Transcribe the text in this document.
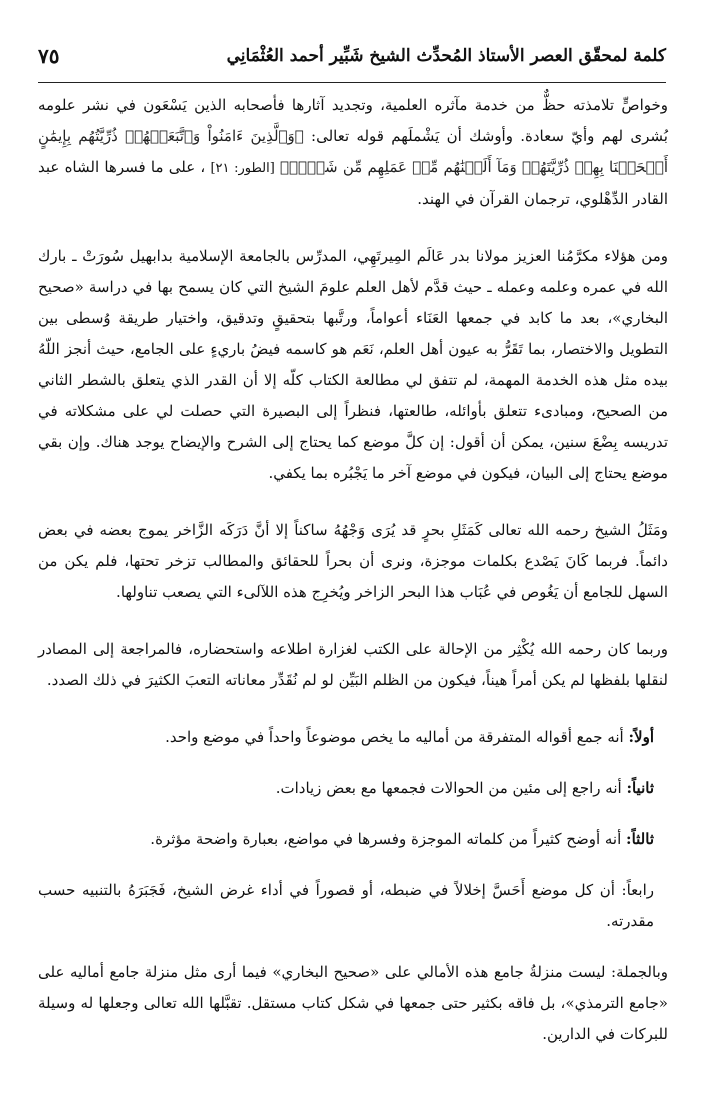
٧٥	كلمة لمحقّق العصر الأستاذ المُحدِّث الشيخ شَبِّير أحمد العُثْمَانِي

وخواصٍّ تلامذته حظٌّ من خدمة مآثره العلمية، وتجديد آثارها فأصحابه الذين يَسْعَون في نشر علومه بُشرى لهم وأيّ سعادة. وأوشك أن يَشْملَهم قوله تعالى: ﴿وَٱلَّذِينَ ءَامَنُواْ وَٱتَّبَعَتۡهُمۡ ذُرِّيَّتُهُم بِإِيمَٰنٍ أَلۡحَقۡنَا بِهِمۡ ذُرِّيَّتَهُمۡ وَمَآ أَلَتۡنَٰهُم مِّنۡ عَمَلِهِم مِّن شَيۡءٖ﴾ [الطور: ٢١] ، على ما فسرها الشاه عبد القادر الدِّهْلوي، ترجمان القرآن في الهند.

ومن هؤلاء مكرَّمُنا العزيز مولانا بدر عَالَم المِيرتَهِي، المدرِّس بالجامعة الإسلامية بدابهيل سُورَتْ ـ بارك الله في عمره وعلمه وعمله ـ حيث قدَّم لأهل العلم علومَ الشيخ التي كان يسمح بها في دراسة «صحيح البخاري»، بعد ما كابد في جمعها العَنَاء أعواماً، ورتَّبها بتحقيقٍ وتدقيق، واختيار طريقة وُسطى بين التطويل والاختصار، بما تَقَرُّ به عيون أهل العلم، نَعَم هو كاسمه فيضُ باريءٍ على الجامع، حيث أنجز اللّهُ بيده مثل هذه الخدمة المهمة، لم تتفق لي مطالعة الكتاب كلّه إلا أن القدر الذي يتعلق بالشطر الثاني من الصحيح، ومبادىء تتعلق بأوائله، طالعتها، فنظراً إلى البصيرة التي حصلت لي على مشكلاته في تدريسه بِضْعَ سنين، يمكن أن أقول: إن كلَّ موضع كما يحتاج إلى الشرح والإيضاح يوجد هناك. وإن بقي موضع يحتاج إلى البيان، فيكون في موضع آخر ما يَجْبُره بما يكفي.

ومَثَلُ الشيخ رحمه الله تعالى كَمَثَلِ بحرٍ قد يُرَى وَجْهُهُ ساكناً إلا أنَّ دَرَكَه الزَّاخر يموج بعضه في بعض دائماً. فربما كَانَ يَصْدع بكلمات موجزة، ونرى أن بحراً للحقائق والمطالب تزخر تحتها، فلم يكن من السهل للجامع أن يَغُوص في عُبَاب هذا البحر الزاخر ويُخرِج هذه اللآلىء التي يصعب تناولها.

وربما كان رحمه الله يُكْثِر من الإحالة على الكتب لغزارة اطلاعه واستحضاره، فالمراجعة إلى المصادر لنقلها بلفظها لم يكن أمراً هيناً، فيكون من الظلم البَيِّن لو لم نُقَدِّر معاناته التعبَ الكثيرَ في ذلك الصدد.

أولاً: أنه جمع أقواله المتفرقة من أماليه ما يخص موضوعاً واحداً في موضع واحد.

ثانياً: أنه راجع إلى مئين من الحوالات فجمعها مع بعض زيادات.

ثالثاً: أنه أوضح كثيراً من كلماته الموجزة وفسرها في مواضع، بعبارة واضحة مؤثرة.

رابعاً: أن كل موضع أَحَسَّ إخلالاً في ضبطه، أو قصوراً في أداء غرض الشيخ، فَجَبَرَهُ بالتنبيه حسب مقدرته.

وبالجملة: ليست منزلةُ جامع هذه الأمالي على «صحيح البخاري» فيما أرى مثل منزلة جامع أماليه على «جامع الترمذي»، بل فاقه بكثير حتى جمعها في شكل كتاب مستقل. تقبَّلها الله تعالى وجعلها له وسيلة للبركات في الدارين.
